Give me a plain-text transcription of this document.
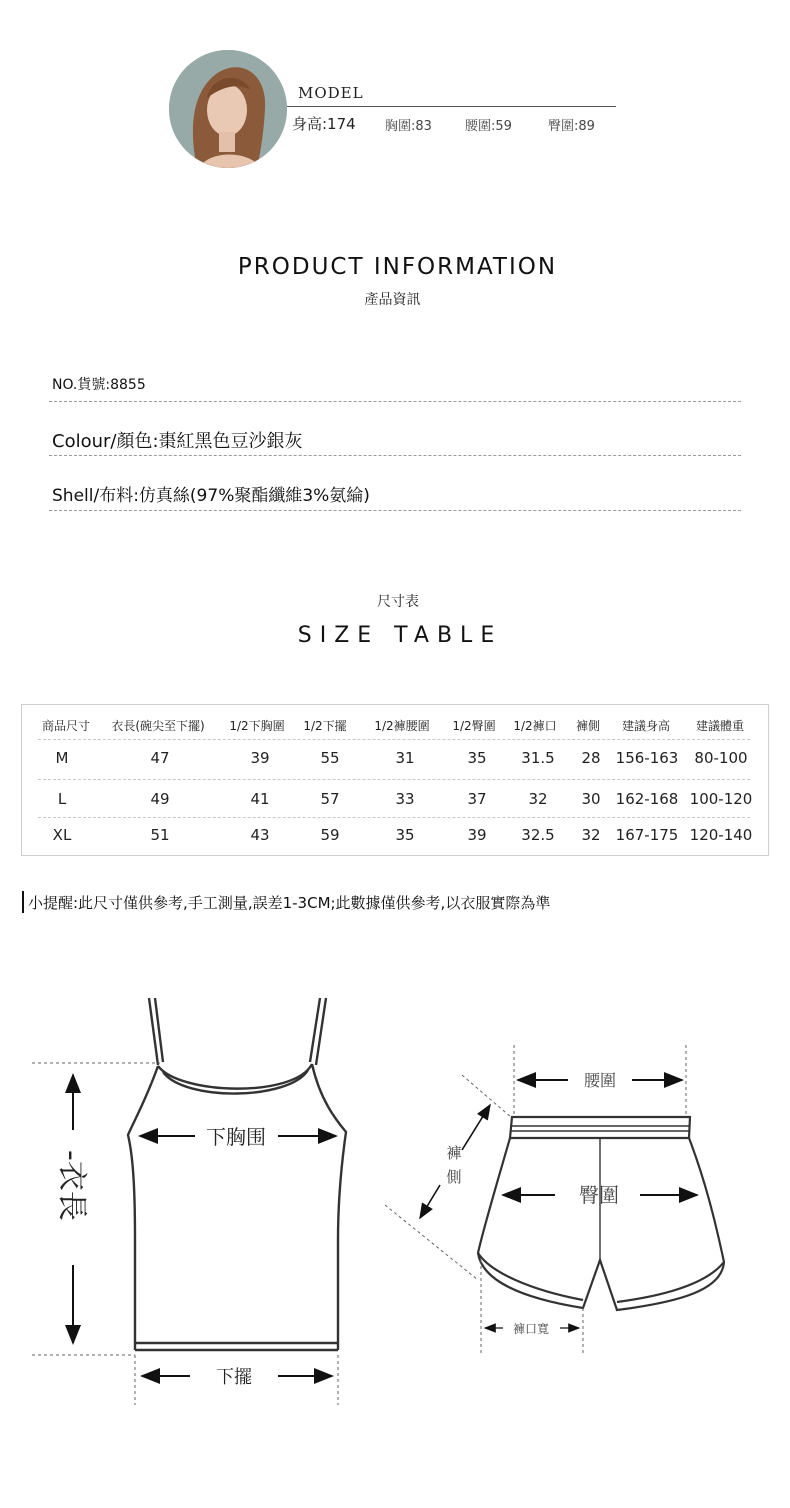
MODEL
身高:174 胸圍:83	腰圍:59	臀圍:89
PRODUCT INFORMATION
產品資訊
NO.貨號:8855
Colour/顏色:棗紅黑色豆沙銀灰
Shell/布料:仿真絲(97%聚酯纖維3%氨綸)
尺寸表
SIZE TABLE
商品尺寸 衣長(碗尖至下擺) 1/2下胸圍 1/2下擺 1/2褲腰圍 1/2臀圍 1/2褲口 褲側 建議身高 建議體重
M	47	39	55	31	35 31.5 28 156-163 80-100
L	49	41	57	33	37	32 30 162-168 100-120
XL	51	43	59	35	39 32.5 32 167-175 120-140
小提醒:此尺寸僅供參考,手工測量,誤差1-3CM;此數據僅供參考,以衣服實際為準
-衣長
下胸围
下擺
腰圍
褲側
臀圍
褲口寬
